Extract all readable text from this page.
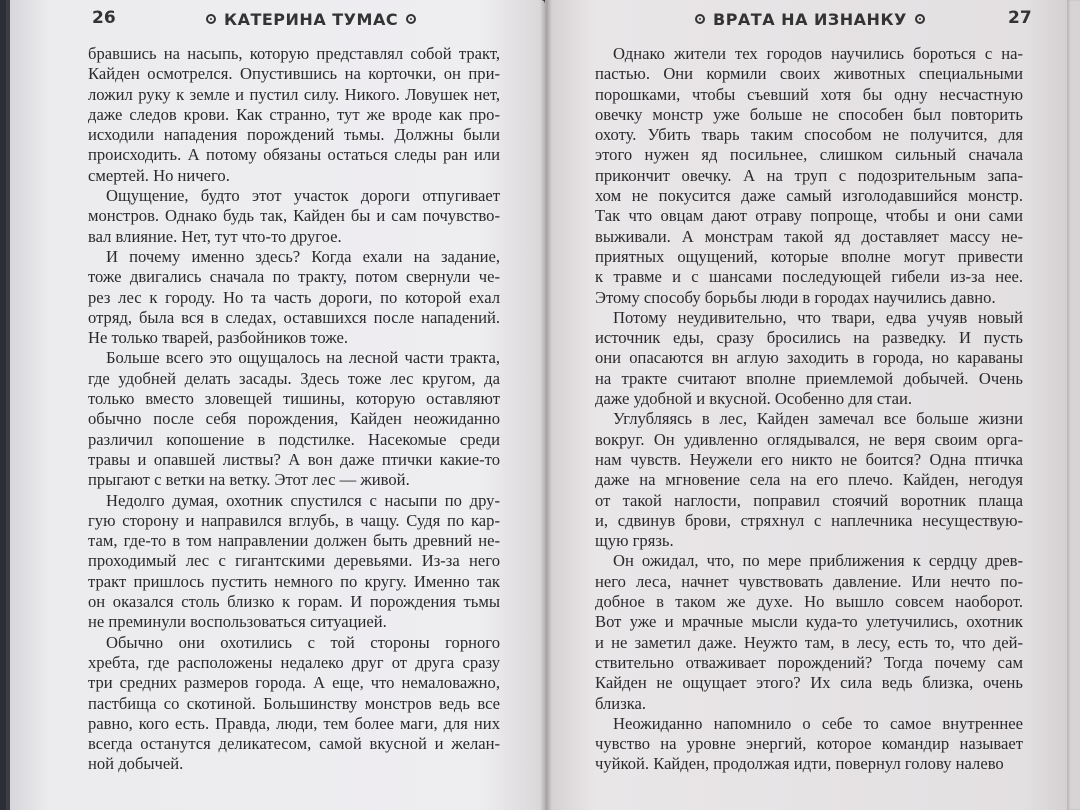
26	КАТЕРИНА ТУМАС
бравшись на насыпь, которую представлял собой тракт,
Кайден осмотрелся. Опустившись на корточки, он при-
ложил руку к земле и пустил силу. Никого. Ловушек нет,
даже следов крови. Как странно, тут же вроде как про-
исходили нападения порождений тьмы. Должны были
происходить. А потому обязаны остаться следы ран или
смертей. Но ничего.
Ощущение, будто этот участок дороги отпугивает
монстров. Однако будь так, Кайден бы и сам почувство-
вал влияние. Нет, тут что-то другое.
И почему именно здесь? Когда ехали на задание,
тоже двигались сначала по тракту, потом свернули че-
рез лес к городу. Но та часть дороги, по которой ехал
отряд, была вся в следах, оставшихся после нападений.
Не только тварей, разбойников тоже.
Больше всего это ощущалось на лесной части тракта,
где удобней делать засады. Здесь тоже лес кругом, да
только вместо зловещей тишины, которую оставляют
обычно после себя порождения, Кайден неожиданно
различил копошение в подстилке. Насекомые среди
травы и опавшей листвы? А вон даже птички какие-то
прыгают с ветки на ветку. Этот лес — живой.
Недолго думая, охотник спустился с насыпи по дру-
гую сторону и направился вглубь, в чащу. Судя по кар-
там, где-то в том направлении должен быть древний не-
проходимый лес с гигантскими деревьями. Из-за него
тракт пришлось пустить немного по кругу. Именно так
он оказался столь близко к горам. И порождения тьмы
не преминули воспользоваться ситуацией.
Обычно они охотились с той стороны горного
хребта, где расположены недалеко друг от друга сразу
три средних размеров города. А еще, что немаловажно,
пастбища со скотиной. Большинству монстров ведь все
равно, кого есть. Правда, люди, тем более маги, для них
всегда останутся деликатесом, самой вкусной и желан-
ной добычей.
ВРАТА НА ИЗНАНКУ	27
Однако жители тех городов научились бороться с на-
пастью. Они кормили своих животных специальными
порошками, чтобы съевший хотя бы одну несчастную
овечку монстр уже больше не способен был повторить
охоту. Убить тварь таким способом не получится, для
этого нужен яд посильнее, слишком сильный сначала
прикончит овечку. А на труп с подозрительным запа-
хом не покусится даже самый изголодавшийся монстр.
Так что овцам дают отраву попроще, чтобы и они сами
выживали. А монстрам такой яд доставляет массу не-
приятных ощущений, которые вполне могут привести
к травме и с шансами последующей гибели из-за нее.
Этому способу борьбы люди в городах научились давно.
Потому неудивительно, что твари, едва учуяв новый
источник еды, сразу бросились на разведку. И пусть
они опасаются вн аглую заходить в города, но караваны
на тракте считают вполне приемлемой добычей. Очень
даже удобной и вкусной. Особенно для стаи.
Углубляясь в лес, Кайден замечал все больше жизни
вокруг. Он удивленно оглядывался, не веря своим орга-
нам чувств. Неужели его никто не боится? Одна птичка
даже на мгновение села на его плечо. Кайден, негодуя
от такой наглости, поправил стоячий воротник плаща
и, сдвинув брови, стряхнул с наплечника несуществую-
щую грязь.
Он ожидал, что, по мере приближения к сердцу древ-
него леса, начнет чувствовать давление. Или нечто по-
добное в таком же духе. Но вышло совсем наоборот.
Вот уже и мрачные мысли куда-то улетучились, охотник
и не заметил даже. Неужто там, в лесу, есть то, что дей-
ствительно отваживает порождений? Тогда почему сам
Кайден не ощущает этого? Их сила ведь близка, очень
близка.
Неожиданно напомнило о себе то самое внутреннее
чувство на уровне энергий, которое командир называет
чуйкой. Кайден, продолжая идти, повернул голову налево
